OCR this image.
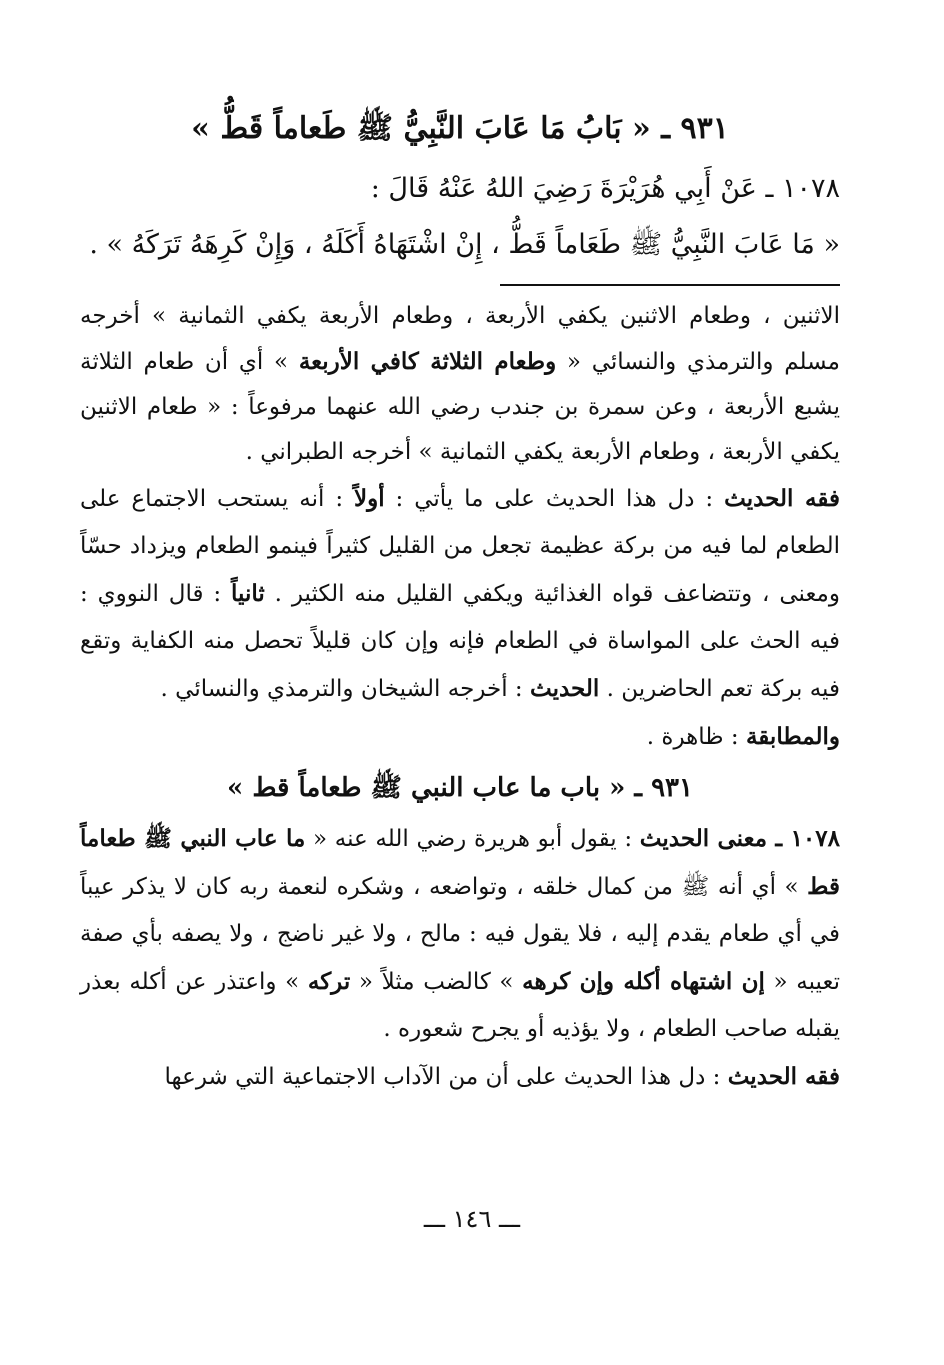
٩٣١ ـ « بَابُ مَا عَابَ النَّبِيُّ ﷺ طَعاماً قَطُّ »

١٠٧٨ ـ عَنْ أَبِي هُرَيْرَةَ رَضِيَ اللهُ عَنْهُ قَالَ :

« مَا عَابَ النَّبِيُّ ﷺ طَعَاماً قَطُّ ، إِنْ اشْتَهَاهُ أَكَلَهُ ، وَإِنْ كَرِهَهُ تَرَكَهُ » .

الاثنين ، وطعام الاثنين يكفي الأربعة ، وطعام الأربعة يكفي الثمانية » أخرجه مسلم والترمذي والنسائي « وطعام الثلاثة كافي الأربعة » أي أن طعام الثلاثة يشبع الأربعة ، وعن سمرة بن جندب رضي الله عنهما مرفوعاً : « طعام الاثنين يكفي الأربعة ، وطعام الأربعة يكفي الثمانية » أخرجه الطبراني .

فقه الحديث : دل هذا الحديث على ما يأتي : أولاً : أنه يستحب الاجتماع على الطعام لما فيه من بركة عظيمة تجعل من القليل كثيراً فينمو الطعام ويزداد حسّاً ومعنى ، وتتضاعف قواه الغذائية ويكفي القليل منه الكثير . ثانياً : قال النووي : فيه الحث على المواساة في الطعام فإنه وإن كان قليلاً تحصل منه الكفاية وتقع فيه بركة تعم الحاضرين . الحديث : أخرجه الشيخان والترمذي والنسائي .

والمطابقة : ظاهرة .

٩٣١ ـ « باب ما عاب النبي ﷺ طعاماً قط »

١٠٧٨ ـ معنى الحديث : يقول أبو هريرة رضي الله عنه « ما عاب النبي ﷺ طعاماً قط » أي أنه ﷺ من كمال خلقه ، وتواضعه ، وشكره لنعمة ربه كان لا يذكر عيباً في أي طعام يقدم إليه ، فلا يقول فيه : مالح ، ولا غير ناضج ، ولا يصفه بأي صفة تعيبه « إن اشتهاه أكله وإن كرهه » كالضب مثلاً « تركه » واعتذر عن أكله بعذر يقبله صاحب الطعام ، ولا يؤذيه أو يجرح شعوره .

فقه الحديث : دل هذا الحديث على أن من الآداب الاجتماعية التي شرعها

ـــ ١٤٦ ـــ
